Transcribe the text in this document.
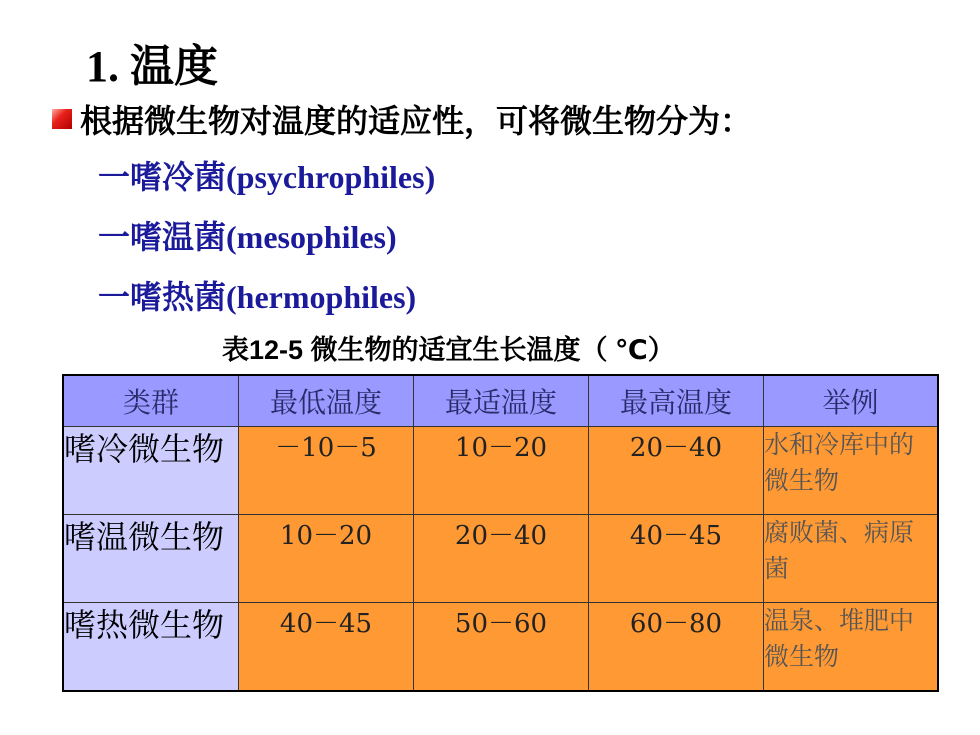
1. 温度
根据微生物对温度的适应性，可将微生物分为：
一嗜冷菌(psychrophiles)
一嗜温菌(mesophiles)
一嗜热菌(hermophiles)
表12-5 微生物的适宜生长温度（ ℃）
类群	最低温度	最适温度	最高温度	举例
嗜冷微生物	－10－5	10－20	20－40	水和冷库中的微生物
嗜温微生物	10－20	20－40	40－45	腐败菌、病原菌
嗜热微生物	40－45	50－60	60－80	温泉、堆肥中微生物
